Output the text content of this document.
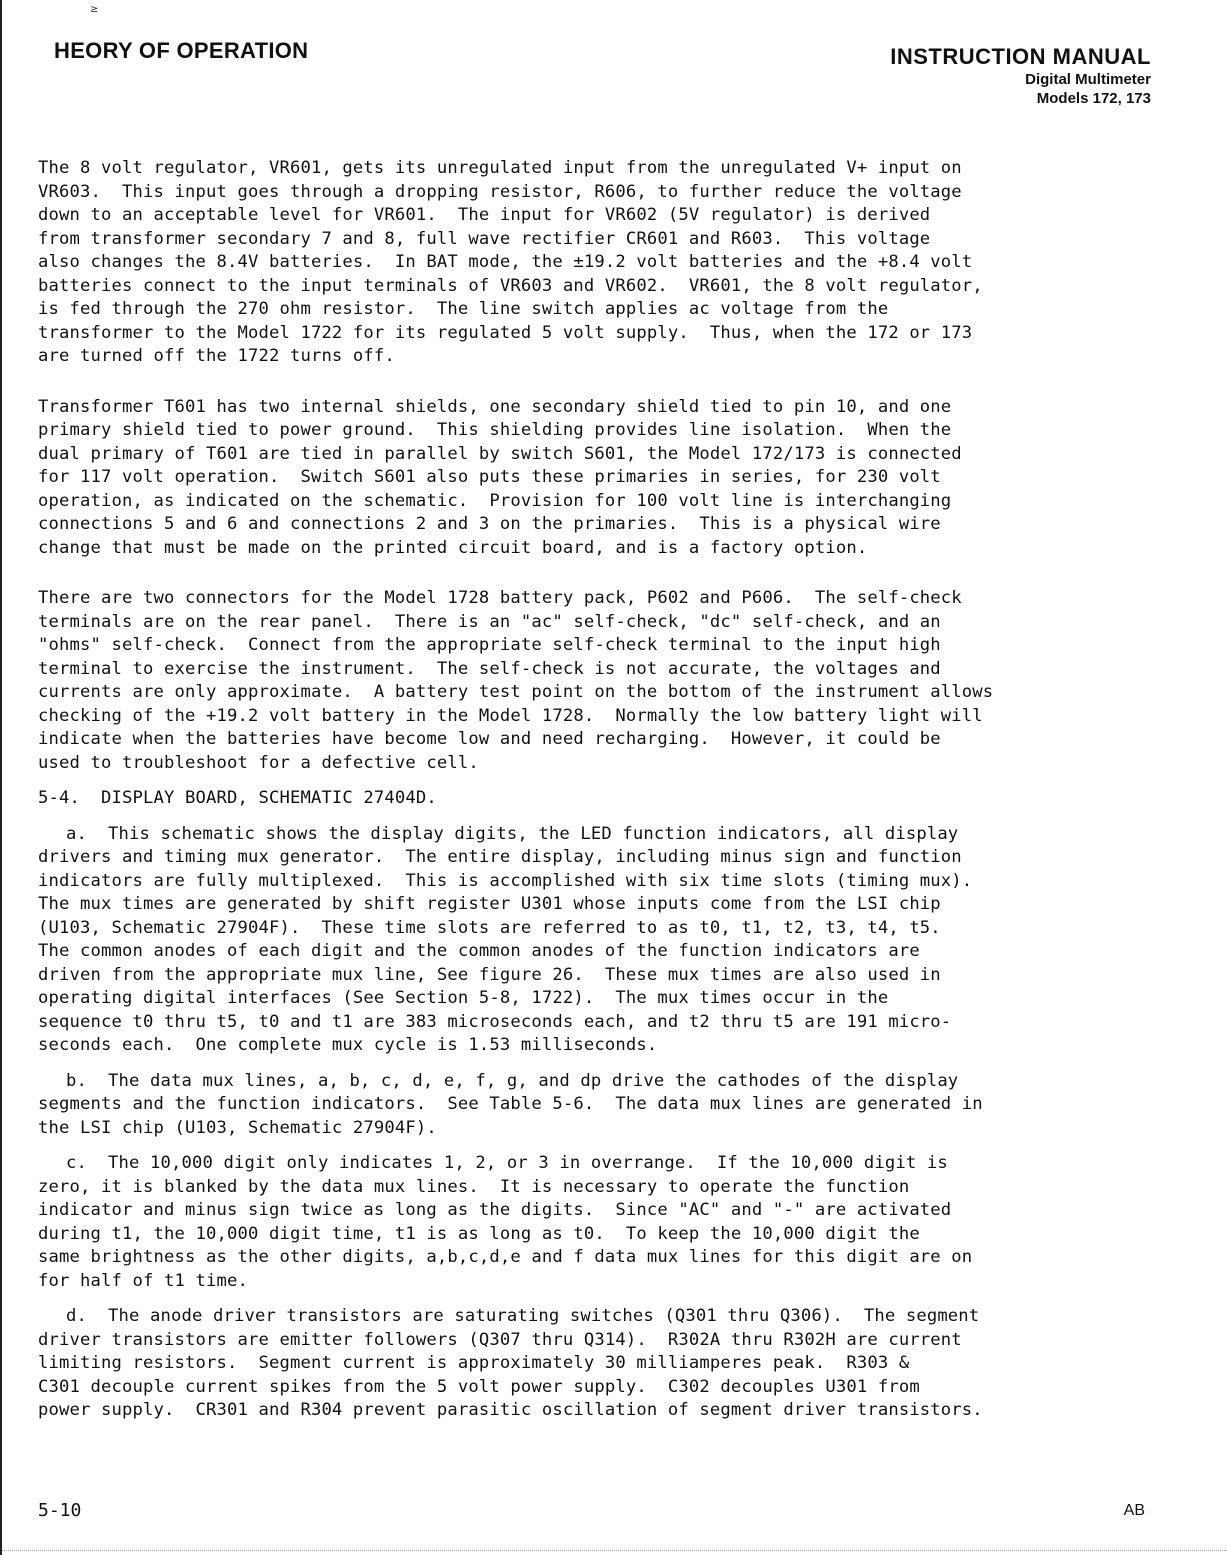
≥
HEORY OF OPERATION	INSTRUCTION MANUAL
Digital Multimeter
Models 172, 173
The 8 volt regulator, VR601, gets its unregulated input from the unregulated V+ input on
VR603.  This input goes through a dropping resistor, R606, to further reduce the voltage
down to an acceptable level for VR601.  The input for VR602 (5V regulator) is derived
from transformer secondary 7 and 8, full wave rectifier CR601 and R603.  This voltage
also changes the 8.4V batteries.  In BAT mode, the ±19.2 volt batteries and the +8.4 volt
batteries connect to the input terminals of VR603 and VR602.  VR601, the 8 volt regulator,
is fed through the 270 ohm resistor.  The line switch applies ac voltage from the
transformer to the Model 1722 for its regulated 5 volt supply.  Thus, when the 172 or 173
are turned off the 1722 turns off.
Transformer T601 has two internal shields, one secondary shield tied to pin 10, and one
primary shield tied to power ground.  This shielding provides line isolation.  When the
dual primary of T601 are tied in parallel by switch S601, the Model 172/173 is connected
for 117 volt operation.  Switch S601 also puts these primaries in series, for 230 volt
operation, as indicated on the schematic.  Provision for 100 volt line is interchanging
connections 5 and 6 and connections 2 and 3 on the primaries.  This is a physical wire
change that must be made on the printed circuit board, and is a factory option.
There are two connectors for the Model 1728 battery pack, P602 and P606.  The self-check
terminals are on the rear panel.  There is an "ac" self-check, "dc" self-check, and an
"ohms" self-check.  Connect from the appropriate self-check terminal to the input high
terminal to exercise the instrument.  The self-check is not accurate, the voltages and
currents are only approximate.  A battery test point on the bottom of the instrument allows
checking of the +19.2 volt battery in the Model 1728.  Normally the low battery light will
indicate when the batteries have become low and need recharging.  However, it could be
used to troubleshoot for a defective cell.
5-4.  DISPLAY BOARD, SCHEMATIC 27404D.
a.  This schematic shows the display digits, the LED function indicators, all display
drivers and timing mux generator.  The entire display, including minus sign and function
indicators are fully multiplexed.  This is accomplished with six time slots (timing mux).
The mux times are generated by shift register U301 whose inputs come from the LSI chip
(U103, Schematic 27904F).  These time slots are referred to as t0, t1, t2, t3, t4, t5.
The common anodes of each digit and the common anodes of the function indicators are
driven from the appropriate mux line, See figure 26.  These mux times are also used in
operating digital interfaces (See Section 5-8, 1722).  The mux times occur in the
sequence t0 thru t5, t0 and t1 are 383 microseconds each, and t2 thru t5 are 191 micro-
seconds each.  One complete mux cycle is 1.53 milliseconds.
b.  The data mux lines, a, b, c, d, e, f, g, and dp drive the cathodes of the display
segments and the function indicators.  See Table 5-6.  The data mux lines are generated in
the LSI chip (U103, Schematic 27904F).
c.  The 10,000 digit only indicates 1, 2, or 3 in overrange.  If the 10,000 digit is
zero, it is blanked by the data mux lines.  It is necessary to operate the function
indicator and minus sign twice as long as the digits.  Since "AC" and "-" are activated
during t1, the 10,000 digit time, t1 is as long as t0.  To keep the 10,000 digit the
same brightness as the other digits, a,b,c,d,e and f data mux lines for this digit are on
for half of t1 time.
d.  The anode driver transistors are saturating switches (Q301 thru Q306).  The segment
driver transistors are emitter followers (Q307 thru Q314).  R302A thru R302H are current
limiting resistors.  Segment current is approximately 30 milliamperes peak.  R303 &
C301 decouple current spikes from the 5 volt power supply.  C302 decouples U301 from
power supply.  CR301 and R304 prevent parasitic oscillation of segment driver transistors.
5-10	AB
